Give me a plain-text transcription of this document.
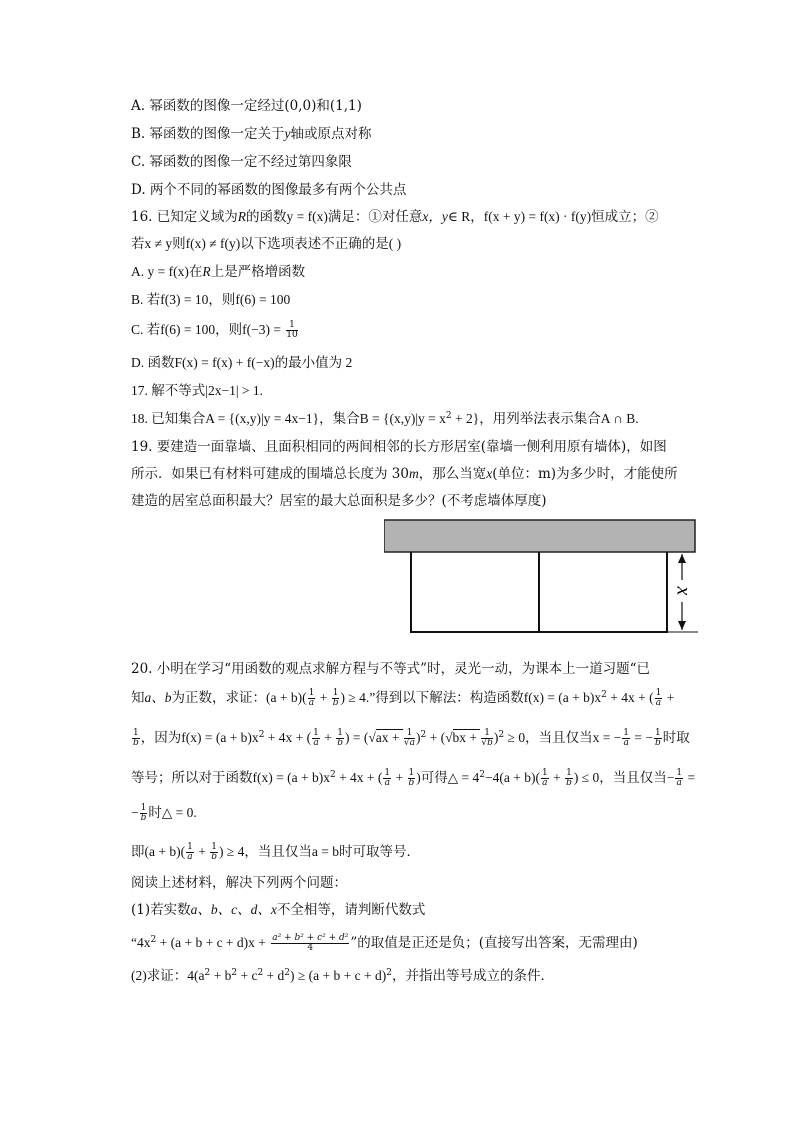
A. 幂函数的图像一定经过(0,0)和(1,1)
B. 幂函数的图像一定关于y轴或原点对称
C. 幂函数的图像一定不经过第四象限
D. 两个不同的幂函数的图像最多有两个公共点
16. 已知定义域为R的函数y = f(x)满足：①对任意x，y∈ R，f(x + y) = f(x) · f(y)恒成立；②
若x ≠ y则f(x) ≠ f(y)以下选项表述不正确的是( )
A. y = f(x)在R上是严格增函数
B. 若f(3) = 10，则f(6) = 100
C. 若f(6) = 100，则$f(-3) = \frac{1}{10}$
D. 函数F(x) = f(x) + f(−x)的最小值为 2
17. 解不等式|2x−1| > 1.
18. 已知集合A = {(x,y)|y = 4x−1}，集合$B = \{(x,y)|y = x^2 + 2\}$，用列举法表示集合A ∩ B.
19. 要建造一面靠墙、且面积相同的两间相邻的长方形居室(靠墙一侧利用原有墙体)，如图
所示．如果已有材料可建成的围墙总长度为 30m，那么当宽x(单位：m)为多少时，才能使所
建造的居室总面积最大？居室的最大总面积是多少？(不考虑墙体厚度)
x
20. 小明在学习“用函数的观点求解方程与不等式”时，灵光一动，为课本上一道习题“已
知a、b为正数，求证：$(a + b)( \frac{1}{a} + \frac{1}{b}$ ) ≥ 4.”得到以下解法：构造函数$f(x) = (a + b)x^2 + 4x$ + ( $\frac{1}{a}$ +
$\frac{1}{b}$ ，因为$f(x) = (a + b)x^2 + 4x$ + ( $\frac{1}{a} + \frac{1}{b}$ ) = $(√ax + \frac{1}{√a} )^2 + (√bx + \frac{1}{√b} )^2 \ge 0$，当且仅当x = − $\frac{1}{a}$ = − $\frac{1}{b}$ 时取
等号；所以对于函数$f(x) = (a + b)x^2 + 4x$ + ( $\frac{1}{a} + \frac{1}{b}$ )可得△ = $4^2-4(a + b)( \frac{1}{a} + \frac{1}{b}$ ) ≤ 0，当且仅当− $\frac{1}{a}$ =
− $\frac{1}{b}$ 时△ = 0.
即$(a + b)( \frac{1}{a} + \frac{1}{b}$ ) ≥ 4，当且仅当a = b时可取等号．
阅读上述材料，解决下列两个问题：
(1)若实数a、b、c、d、x不全相等，请判断代数式
“$4x^2 + (a + b + c + d)x + \frac{\text{a² + b² + c² + d²}}{4}$ ”的取值是正还是负；(直接写出答案，无需理由)
(2)求证：$4(a^2 + b^2 + c^2 + d^2) \ge (a + b + c + d)^2$，并指出等号成立的条件．
